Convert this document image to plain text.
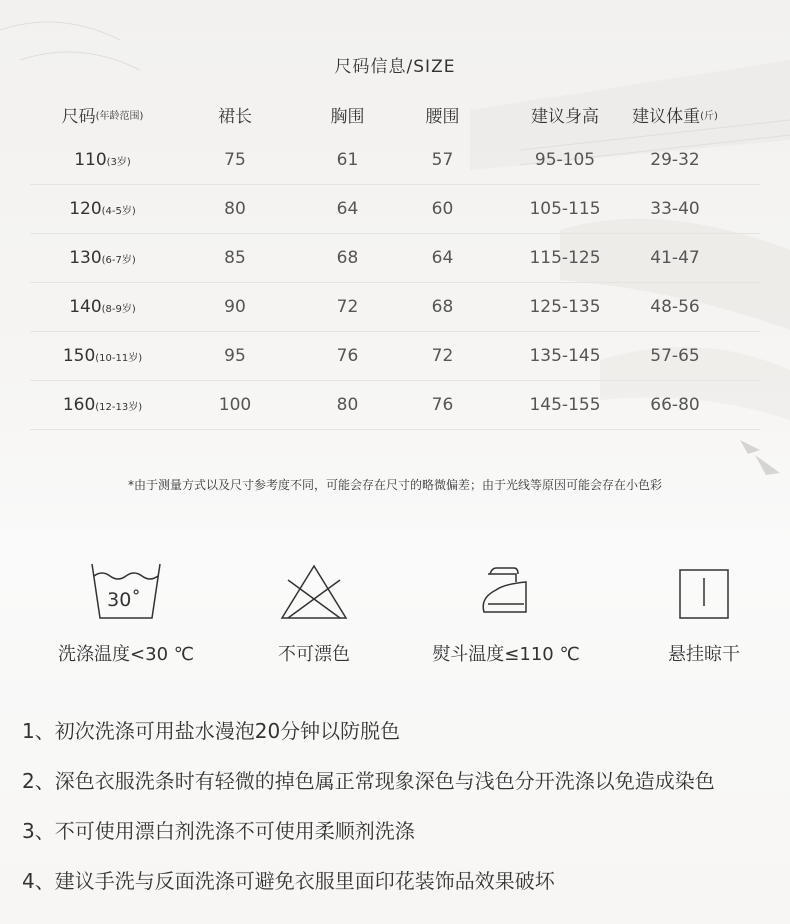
尺码信息/SIZE
尺码 (年龄范围)	裙长	胸围	腰围	建议身高 建议体重 (斤)
110 (3岁)	75	61	57	95-105	29-32
120 (4-5岁)	80	64	60	105-115	33-40
130 (6-7岁)	85	68	64	115-125	41-47
140 (8-9岁)	90	72	68	125-135	48-56
150 (10-11岁)	95	76	72	135-145	57-65
160 (12-13岁)	100	80	76	145-155	66-80
*由于测量方式以及尺寸参考度不同，可能会存在尺寸的略微偏差；由于光线等原因可能会存在小色彩
30˚
洗涤温度<30 ℃	不可漂色	熨斗温度≤110 ℃	悬挂晾干
1、初次洗涤可用盐水漫泡20分钟以防脱色
2、深色衣服洗条时有轻微的掉色属正常现象深色与浅色分开洗涤以免造成染色
3、不可使用漂白剂洗涤不可使用柔顺剂洗涤
4、建议手洗与反面洗涤可避免衣服里面印花装饰品效果破坏
